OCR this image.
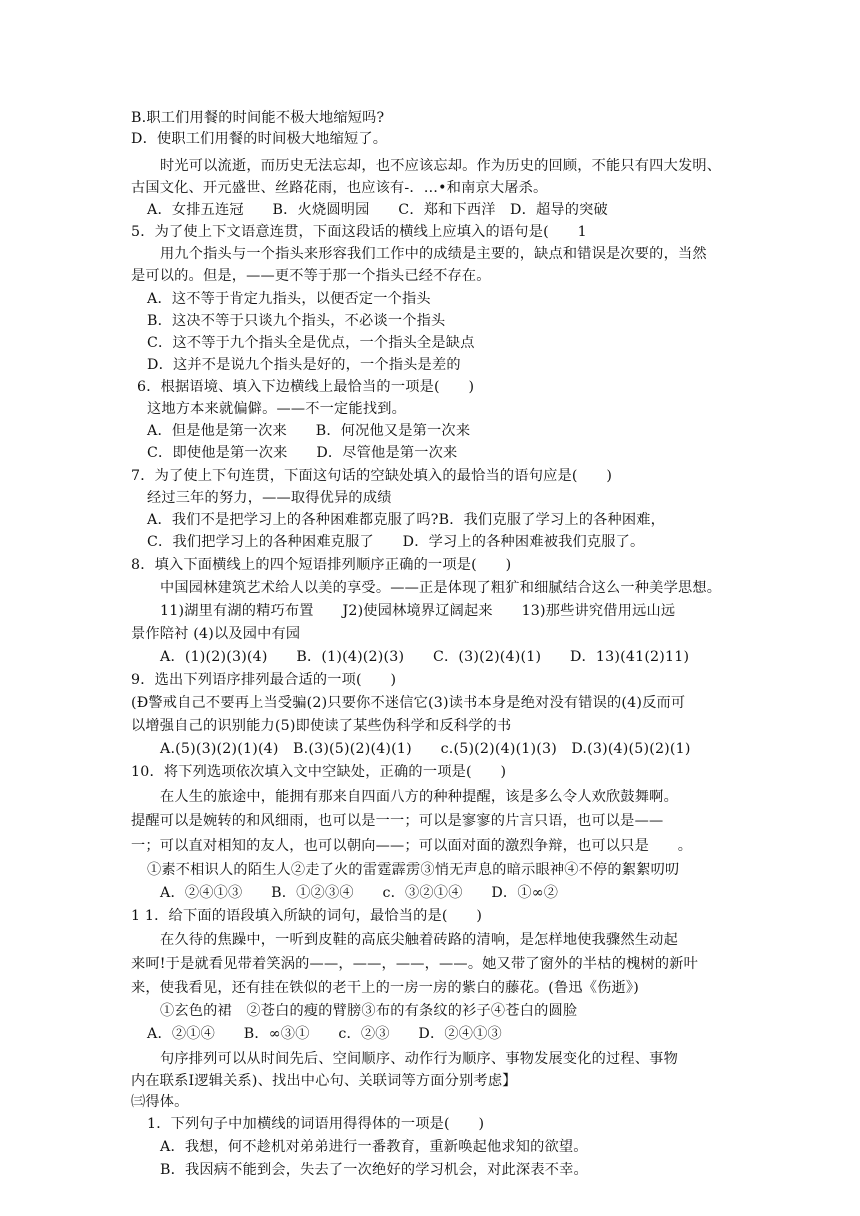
B.职工们用餐的时间能不极大地缩短吗?
D．使职工们用餐的时间极大地缩短了。
时光可以流逝，而历史无法忘却，也不应该忘却。作为历史的回顾，不能只有四大发明、
古国文化、开元盛世、丝路花雨，也应该有-．…•和南京大屠杀。
A．女排五连冠　　B．火烧圆明园　　C．郑和下西洋　D．超导的突破
5．为了使上下文语意连贯，下面这段话的横线上应填入的语句是(　　1
用九个指头与一个指头来形容我们工作中的成绩是主要的，缺点和错误是次要的，当然
是可以的。但是，——更不等于那一个指头已经不存在。
A．这不等于肯定九指头，以便否定一个指头
B．这决不等于只谈九个指头，不必谈一个指头
C．这不等于九个指头全是优点，一个指头全是缺点
D．这并不是说九个指头是好的，一个指头是差的
6．根据语境、填入下边横线上最恰当的一项是(　　)
这地方本来就偏僻。——不一定能找到。
A．但是他是第一次来　　B．何况他又是第一次来
C．即使他是第一次来　　D．尽管他是第一次来
7．为了使上下句连贯，下面这句话的空缺处填入的最恰当的语句应是(　　)
经过三年的努力，——取得优异的成绩
A．我们不是把学习上的各种困难都克服了吗?B．我们克服了学习上的各种困难，
C．我们把学习上的各种困难克服了　　D．学习上的各种困难被我们克服了。
8．填入下面横线上的四个短语排列顺序正确的一项是(　　)
中国园林建筑艺术给人以美的享受。——正是体现了粗犷和细腻结合这么一种美学思想。
11)湖里有湖的精巧布置　　J2)使园林境界辽阔起来　　13)那些讲究借用远山远
景作陪衬 (4)以及园中有园
A．(1)(2)(3)(4)　　B．(1)(4)(2)(3)　　C．(3)(2)(4)(1)　　D．13)(41(2)11)
9．选出下列语序排列最合适的一项(　　)
(Ð警戒自己不要再上当受骗(2)只要你不迷信它(3)读书本身是绝对没有错误的(4)反而可
以增强自己的识别能力(5)即使读了某些伪科学和反科学的书
A.(5)(3)(2)(1)(4)　B.(3)(5)(2)(4)(1)　　c.(5)(2)(4)(1)(3)　D.(3)(4)(5)(2)(1)
10．将下列选项依次填入文中空缺处，正确的一项是(　　)
在人生的旅途中，能拥有那来自四面八方的种种提醒，该是多么令人欢欣鼓舞啊。
提醒可以是婉转的和风细雨，也可以是一一；可以是寥寥的片言只语，也可以是——
一；可以直对相知的友人，也可以朝向——；可以面对面的激烈争辩，也可以只是　　。
①素不相识人的陌生人②走了火的雷霆霹雳③悄无声息的暗示眼神④不停的絮絮叨叨
A．②④①③　　B．①②③④　　c．③②①④　　D．①∞②
1 1．给下面的语段填入所缺的词句，最恰当的是(　　)
在久待的焦躁中，一听到皮鞋的高底尖触着砖路的清响，是怎样地使我骤然生动起
来呵!于是就看见带着笑涡的——，——，——，——。她又带了窗外的半枯的槐树的新叶
来，使我看见，还有挂在铁似的老干上的一房一房的紫白的藤花。(鲁迅《伤逝》)
①玄色的裙　②苍白的瘦的臂膀③布的有条纹的衫子④苍白的圆脸
A．②①④　　B．∞③①　　c．②③　　D．②④①③
句序排列可以从时间先后、空间顺序、动作行为顺序、事物发展变化的过程、事物
内在联系I逻辑关系)、找出中心句、关联词等方面分别考虑】
㈢得体。
1．下列句子中加横线的词语用得得体的一项是(　　)
A．我想，何不趁机对弟弟进行一番教育，重新唤起他求知的欲望。
B．我因病不能到会，失去了一次绝好的学习机会，对此深表不幸。
